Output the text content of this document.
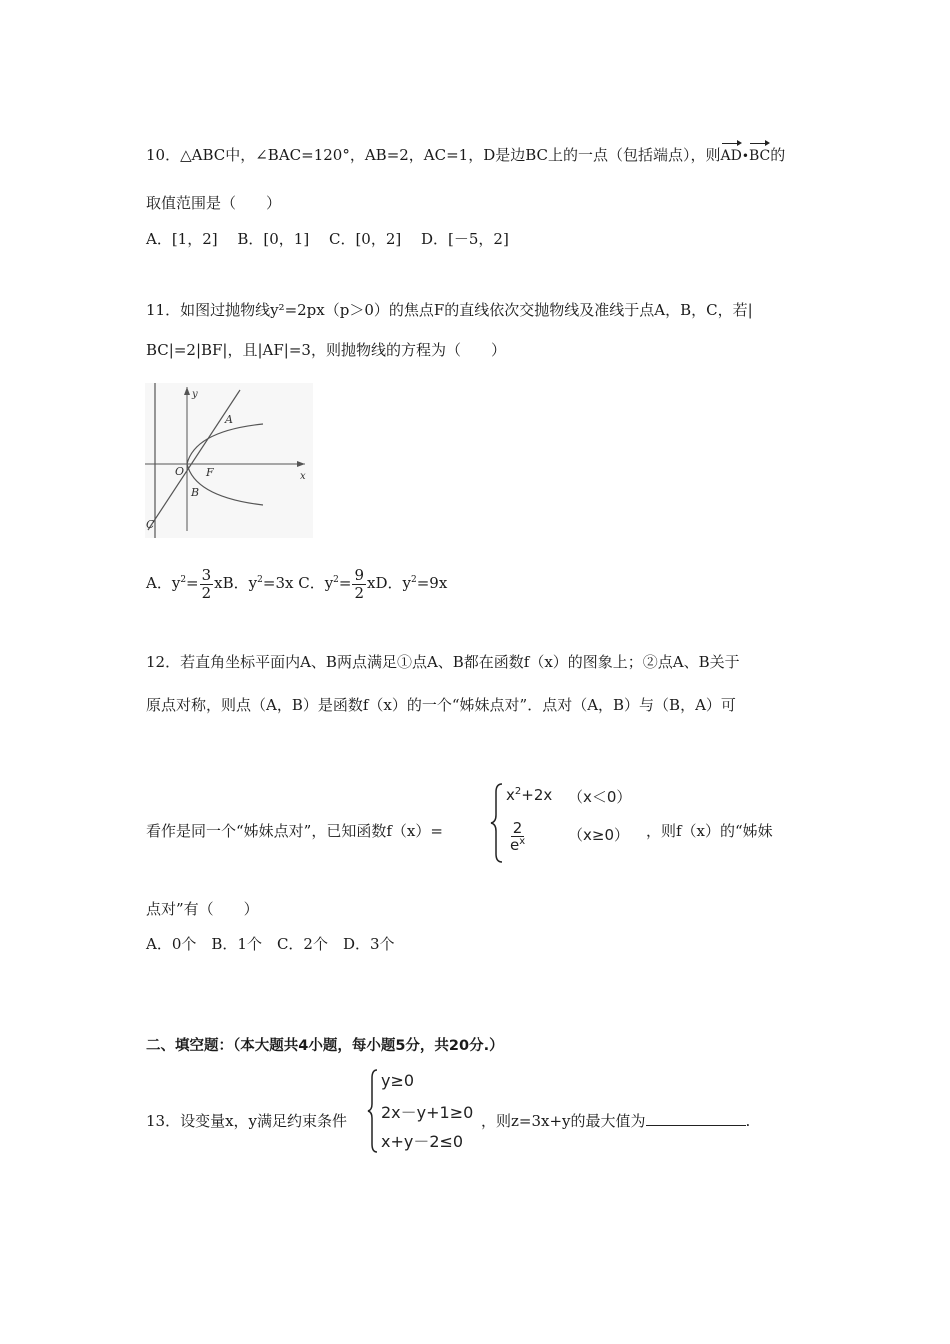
10．△ABC中，∠BAC=120°，AB=2，AC=1，D是边BC上的一点（包括端点），则AD•BC的
取值范围是（　　）
A．[1，2]　 B．[0，1]　 C．[0，2]　 D．[－5，2]
11．如图过抛物线y²=2px（p＞0）的焦点F的直线依次交抛物线及准线于点A，B，C，若|
BC|=2|BF|，且|AF|=3，则抛物线的方程为（　　）
y
x
A
O F
B
C
A．$y^2= \frac{3}{2}$ xB．$y^2=3x$ C．$y^2= \frac{9}{2}$ xD．$y^2=9x$
12．若直角坐标平面内A、B两点满足①点A、B都在函数f（x）的图象上；②点A、B关于
原点对称，则点（A，B）是函数f（x）的一个“姊妹点对”．点对（A，B）与（B，A）可
看作是同一个“姊妹点对”，已知函数f（x）=
$x^2+2x$ （x＜0）
$\frac{2}{e^x}$	（x≥0） ，则f（x）的“姊妹
点对”有（　　）
A．0个　B．1个　C．2个　D．3个
二、填空题：（本大题共4小题，每小题5分，共20分.）
13．设变量x，y满足约束条件
y≥0
2x－y+1≥0
x+y－2≤0
，则z=3x+y的最大值为	.
